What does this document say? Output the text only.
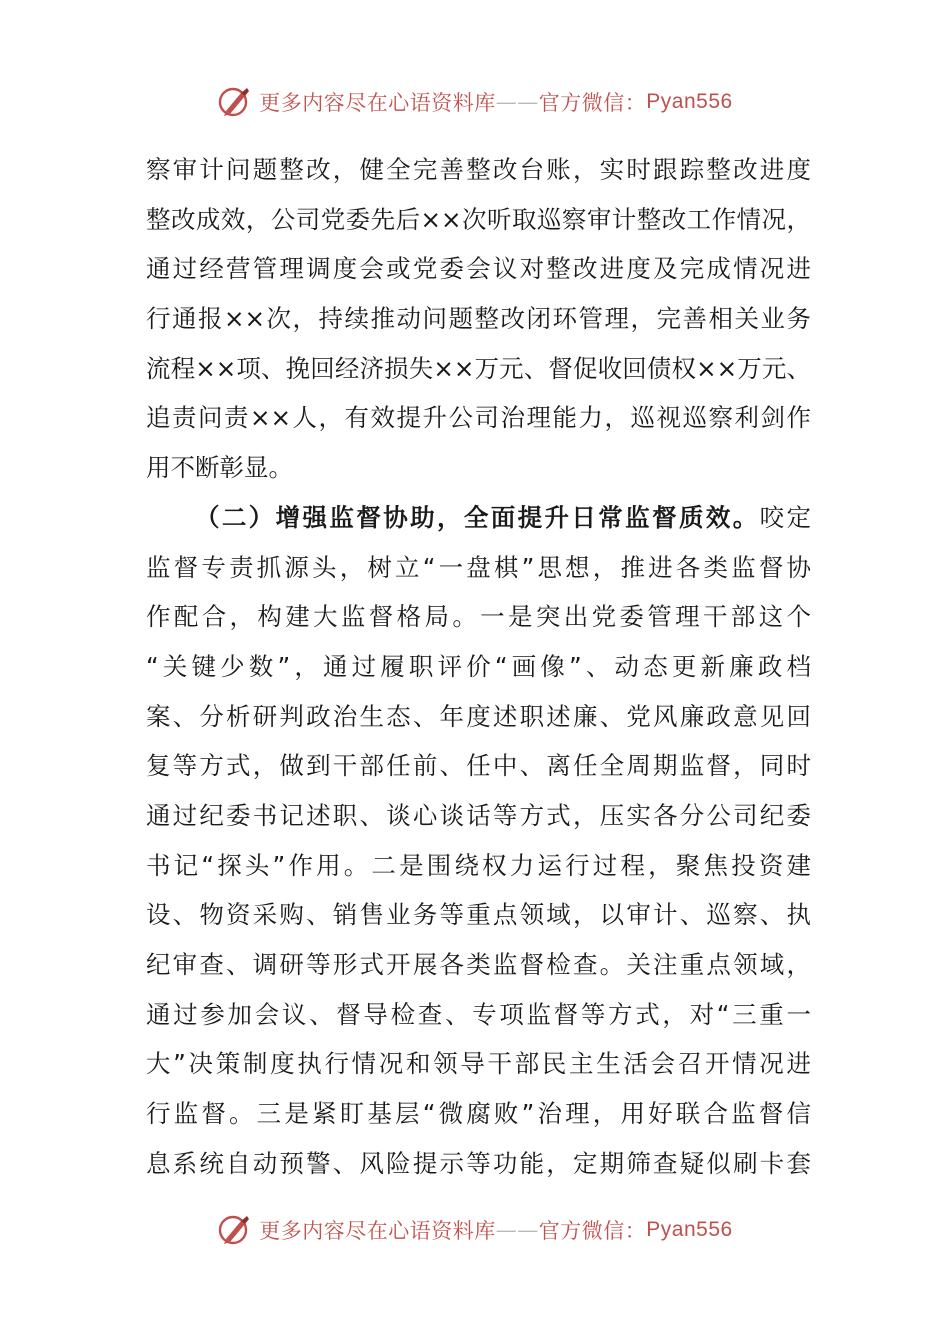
更多内容尽在心语资料库 —— 官方微信： Pyan556
察审计问题整改，健全完善整改台账，实时跟踪整改进度
整改成效，公司党委先后××次听取巡察审计整改工作情况，
通过经营管理调度会或党委会议对整改进度及完成情况进
行通报××次，持续推动问题整改闭环管理，完善相关业务
流程××项、挽回经济损失××万元、督促收回债权××万元、
追责问责××人，有效提升公司治理能力，巡视巡察利剑作
用不断彰显。
（二）增强监督协助，全面提升日常监督质效。咬定
监督专责抓源头，树立“一盘棋”思想，推进各类监督协
作配合，构建大监督格局。一是突出党委管理干部这个
“关键少数”，通过履职评价“画像”、动态更新廉政档
案、分析研判政治生态、年度述职述廉、党风廉政意见回
复等方式，做到干部任前、任中、离任全周期监督，同时
通过纪委书记述职、谈心谈话等方式，压实各分公司纪委
书记“探头”作用。二是围绕权力运行过程，聚焦投资建
设、物资采购、销售业务等重点领域，以审计、巡察、执
纪审查、调研等形式开展各类监督检查。关注重点领域，
通过参加会议、督导检查、专项监督等方式，对“三重一
大”决策制度执行情况和领导干部民主生活会召开情况进
行监督。三是紧盯基层“微腐败”治理，用好联合监督信
息系统自动预警、风险提示等功能，定期筛查疑似刷卡套
更多内容尽在心语资料库 —— 官方微信： Pyan556
